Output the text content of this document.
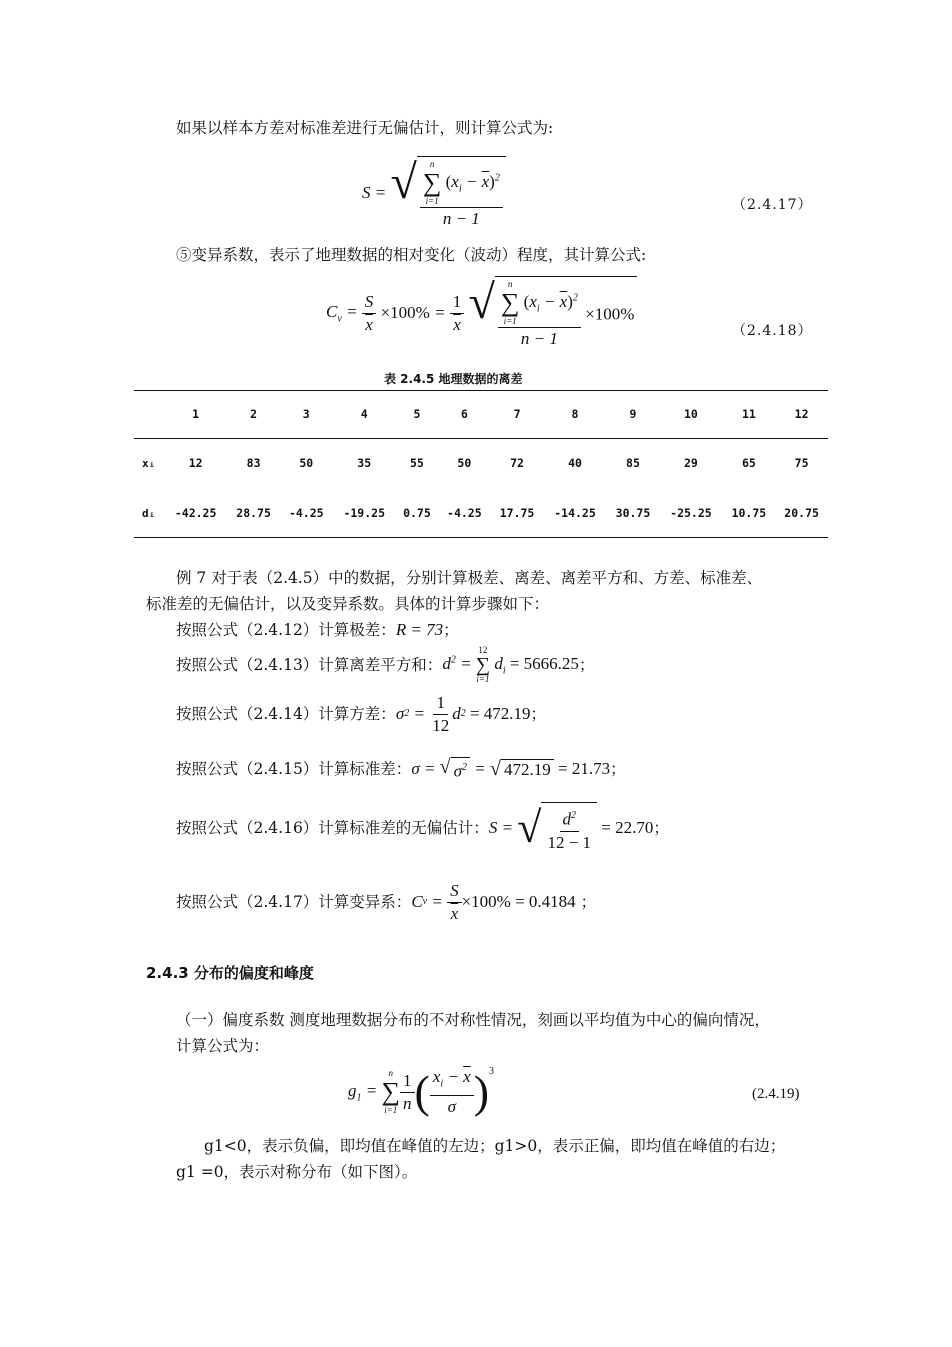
如果以样本方差对标准差进行无偏估计，则计算公式为:
S = √ n
∑
i=1
$(x_i - \overline{x})^2$
n − 1	（2.4.17）
⑤变异系数，表示了地理数据的相对变化（波动）程度，其计算公式:
$C_v = \frac{S}{x} \times 100\% = \frac{1}{x}$
√ n
∑
i=1
$(x_i - \overline{x})^2$
n − 1 ×100%
（2.4.18）
表 2.4.5 地理数据的离差
	1	2	3	4	5	6	7	8	9	10	11	12
xᵢ	12	83	50	35	55	50	72	40	85	29	65	75
dᵢ	-42.25	28.75	-4.25	-19.25	0.75	-4.25	17.75	-14.25	30.75	-25.25	10.75	20.75
例 7 对于表（2.4.5）中的数据，分别计算极差、离差、离差平方和、方差、标准差、
标准差的无偏估计，以及变异系数。具体的计算步骤如下：
按照公式（2.4.12）计算极差：R = 73；
按照公式（2.4.13）计算离差平方和： $d^2$ =
12
∑
i=1
$d_i = 5666.25$ ；
按照公式（2.4.14）计算方差： σ $2 = \frac{1}{12}$ d 2
= 472.19 ；
按照公式（2.4.15）计算标准差： σ = √ $\sigma^2$ = √ 472.19
= 21.73 ；
按照公式（2.4.16）计算标准差的无偏估计： S = √ $\frac{d^2}{12 - 1}$
= 22.70 ；
按照公式（2.4.17）计算变异系： C $v = \frac{S}{x} \times 100\% = 0.4184$ ；
2.4.3 分布的偏度和峰度
（一）偏度系数 测度地理数据分布的不对称性情况，刻画以平均值为中心的偏向情况，
计算公式为：
$g_1$ =
n
∑
$i=1 \frac{1}{n}$ ( $\frac{x_i - \overline{x}}{\sigma} )^3$
(2.4.19)
g1<0，表示负偏，即均值在峰值的左边；g1>0，表示正偏，即均值在峰值的右边；
g1 =0，表示对称分布（如下图）。
